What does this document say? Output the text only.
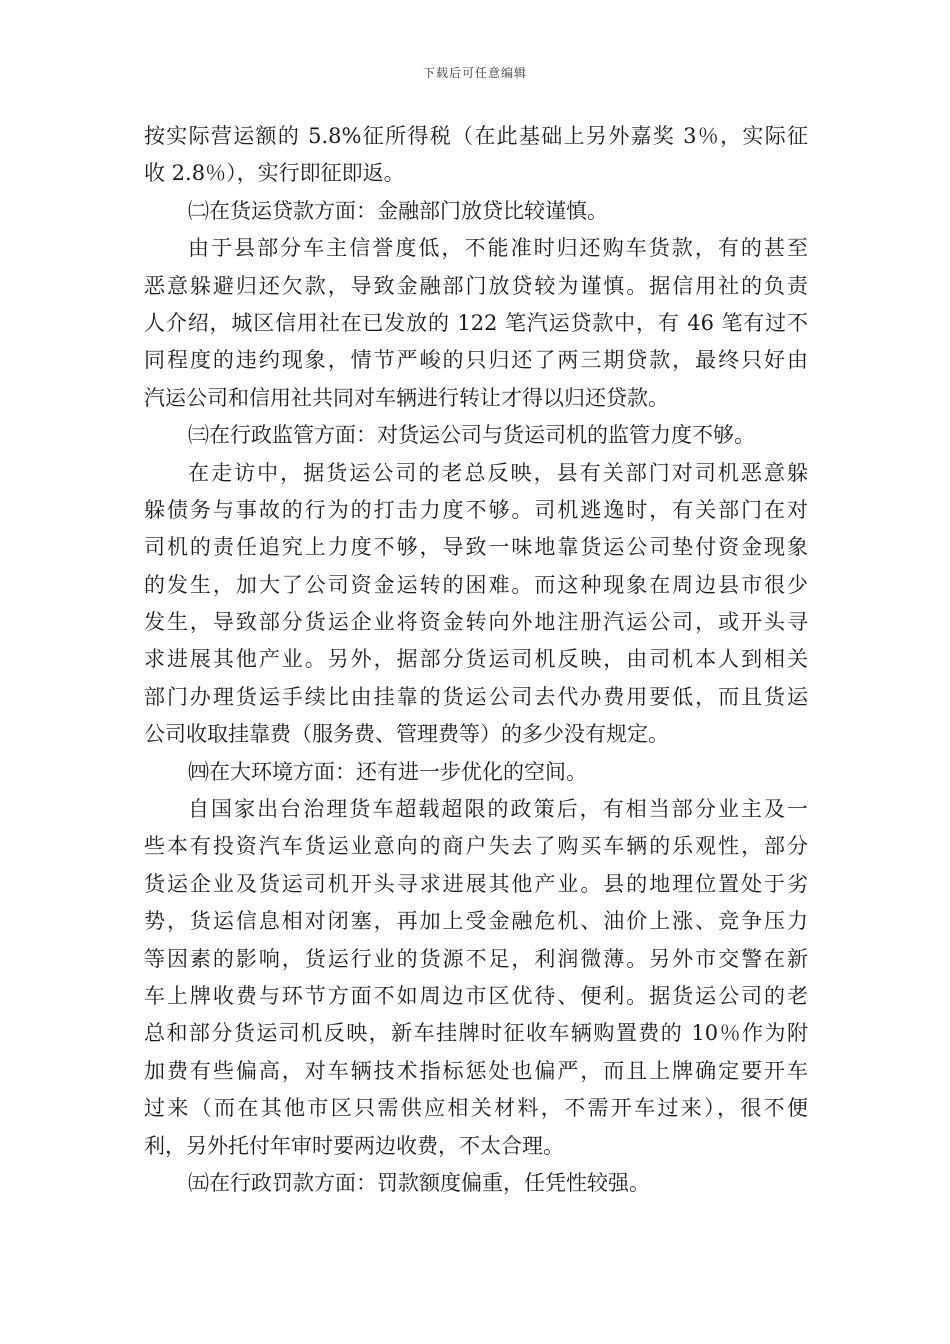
下载后可任意编辑
按实际营运额的 5.8%征所得税（在此基础上另外嘉奖 3％，实际征
收 2.8％），实行即征即返。
㈡在货运贷款方面：金融部门放贷比较谨慎。
由于县部分车主信誉度低，不能准时归还购车货款，有的甚至
恶意躲避归还欠款，导致金融部门放贷较为谨慎。据信用社的负责
人介绍，城区信用社在已发放的 122 笔汽运贷款中，有 46 笔有过不
同程度的违约现象，情节严峻的只归还了两三期贷款，最终只好由
汽运公司和信用社共同对车辆进行转让才得以归还贷款。
㈢在行政监管方面：对货运公司与货运司机的监管力度不够。
在走访中，据货运公司的老总反映，县有关部门对司机恶意躲
躲债务与事故的行为的打击力度不够。司机逃逸时，有关部门在对
司机的责任追究上力度不够，导致一味地靠货运公司垫付资金现象
的发生，加大了公司资金运转的困难。而这种现象在周边县市很少
发生，导致部分货运企业将资金转向外地注册汽运公司，或开头寻
求进展其他产业。另外，据部分货运司机反映，由司机本人到相关
部门办理货运手续比由挂靠的货运公司去代办费用要低，而且货运
公司收取挂靠费（服务费、管理费等）的多少没有规定。
㈣在大环境方面：还有进一步优化的空间。
自国家出台治理货车超载超限的政策后，有相当部分业主及一
些本有投资汽车货运业意向的商户失去了购买车辆的乐观性，部分
货运企业及货运司机开头寻求进展其他产业。县的地理位置处于劣
势，货运信息相对闭塞，再加上受金融危机、油价上涨、竞争压力
等因素的影响，货运行业的货源不足，利润微薄。另外市交警在新
车上牌收费与环节方面不如周边市区优待、便利。据货运公司的老
总和部分货运司机反映，新车挂牌时征收车辆购置费的 10％作为附
加费有些偏高，对车辆技术指标惩处也偏严，而且上牌确定要开车
过来（而在其他市区只需供应相关材料，不需开车过来），很不便
利，另外托付年审时要两边收费，不太合理。
㈤在行政罚款方面：罚款额度偏重，任凭性较强。
